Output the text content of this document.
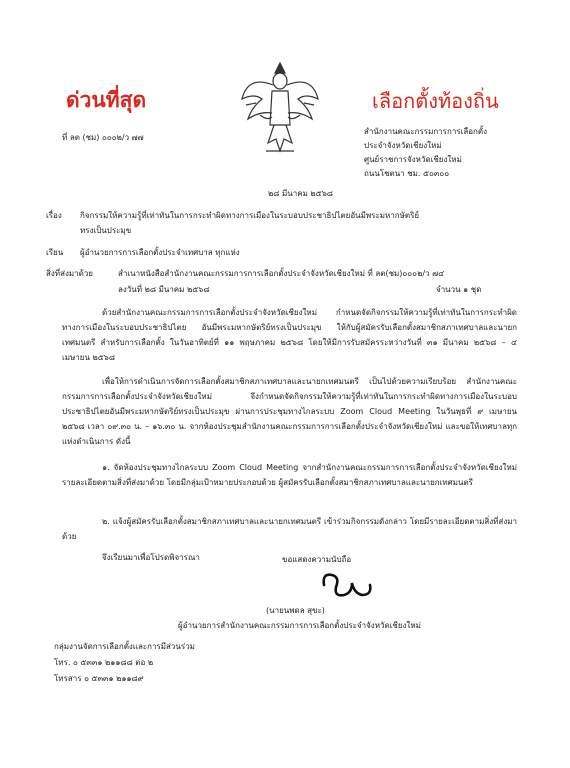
ด่วนที่สุด	เลือกตั้งท้องถิ่น
ที่ ลต (ชม) ๐๐๐๒/ว ๗๗
สำนักงานคณะกรรมการการเลือกตั้ง
ประจำจังหวัดเชียงใหม่
ศูนย์ราชการจังหวัดเชียงใหม่
ถนนโชตนา ชม. ๕๐๓๐๐
๒๘ มีนาคม ๒๕๖๘
เรื่อง กิจกรรมให้ความรู้ที่เท่าทันในการกระทำผิดทางการเมืองในระบอบประชาธิปไตยอันมีพระมหากษัตริย์
ทรงเป็นประมุข
เรียน ผู้อำนวยการการเลือกตั้งประจำเทศบาล ทุกแห่ง
สิ่งที่ส่งมาด้วย	สำเนาหนังสือสำนักงานคณะกรรมการการเลือกตั้งประจำจังหวัดเชียงใหม่ ที่ ลต(ชม)๐๐๐๒/ว ๗๔
ลงวันที่ ๒๘ มีนาคม ๒๕๖๘	จำนวน ๑ ชุด
ด้วยสำนักงานคณะกรรมการการเลือกตั้งประจำจังหวัดเชียงใหม่ กำหนดจัดกิจกรรมให้ความรู้ที่เท่าทันในการกระทำผิดทางการเมืองในระบอบประชาธิปไตย อันมีพระมหากษัตริย์ทรงเป็นประมุข ให้กับผู้สมัครรับเลือกตั้งสมาชิกสภาเทศบาลและนายกเทศมนตรี สำหรับการเลือกตั้ง ในวันอาทิตย์ที่ ๑๑ พฤษภาคม ๒๕๖๘ โดยให้มีการรับสมัครระหว่างวันที่ ๓๑ มีนาคม ๒๕๖๘ – ๔ เมษายน ๒๕๖๘
เพื่อให้การดำเนินการจัดการเลือกตั้งสมาชิกสภาเทศบาลและนายกเทศมนตรี เป็นไปด้วยความเรียบร้อย สำนักงานคณะกรรมการการเลือกตั้งประจำจังหวัดเชียงใหม่ จึงกำหนดจัดกิจกรรมให้ความรู้ที่เท่าทันในการกระทำผิดทางการเมืองในระบอบประชาธิปไตยอันมีพระมหากษัตริย์ทรงเป็นประมุข ผ่านการประชุมทางไกลระบบ Zoom Cloud Meeting ในวันพุธที่ ๙ เมษายน ๒๕๖๘ เวลา ๐๙.๓๐ น. – ๑๖.๓๐ น. จากห้องประชุมสำนักงานคณะกรรมการการเลือกตั้งประจำจังหวัดเชียงใหม่ และขอให้เทศบาลทุกแห่งดำเนินการ ดังนี้
๑. จัดห้องประชุมทางไกลระบบ Zoom Cloud Meeting จากสำนักงานคณะกรรมการการเลือกตั้งประจำจังหวัดเชียงใหม่ รายละเอียดตามสิ่งที่ส่งมาด้วย โดยมีกลุ่มเป้าหมายประกอบด้วย ผู้สมัครรับเลือกตั้งสมาชิกสภาเทศบาลและนายกเทศมนตรี
๒. แจ้งผู้สมัครรับเลือกตั้งสมาชิกสภาเทศบาลและนายกเทศมนตรี เข้าร่วมกิจกรรมดังกล่าว โดยมีรายละเอียดตามสิ่งที่ส่งมาด้วย
จึงเรียนมาเพื่อโปรดพิจารณา	ขอแสดงความนับถือ
(นายนพดล สุขะ)
ผู้อำนวยการสำนักงานคณะกรรมการการเลือกตั้งประจำจังหวัดเชียงใหม่
กลุ่มงานจัดการเลือกตั้งและการมีส่วนร่วม
โทร. ๐ ๕๓๓๑ ๒๑๑๘๘ ต่อ ๒
โทรสาร ๐ ๕๓๓๑ ๒๑๑๘๙
